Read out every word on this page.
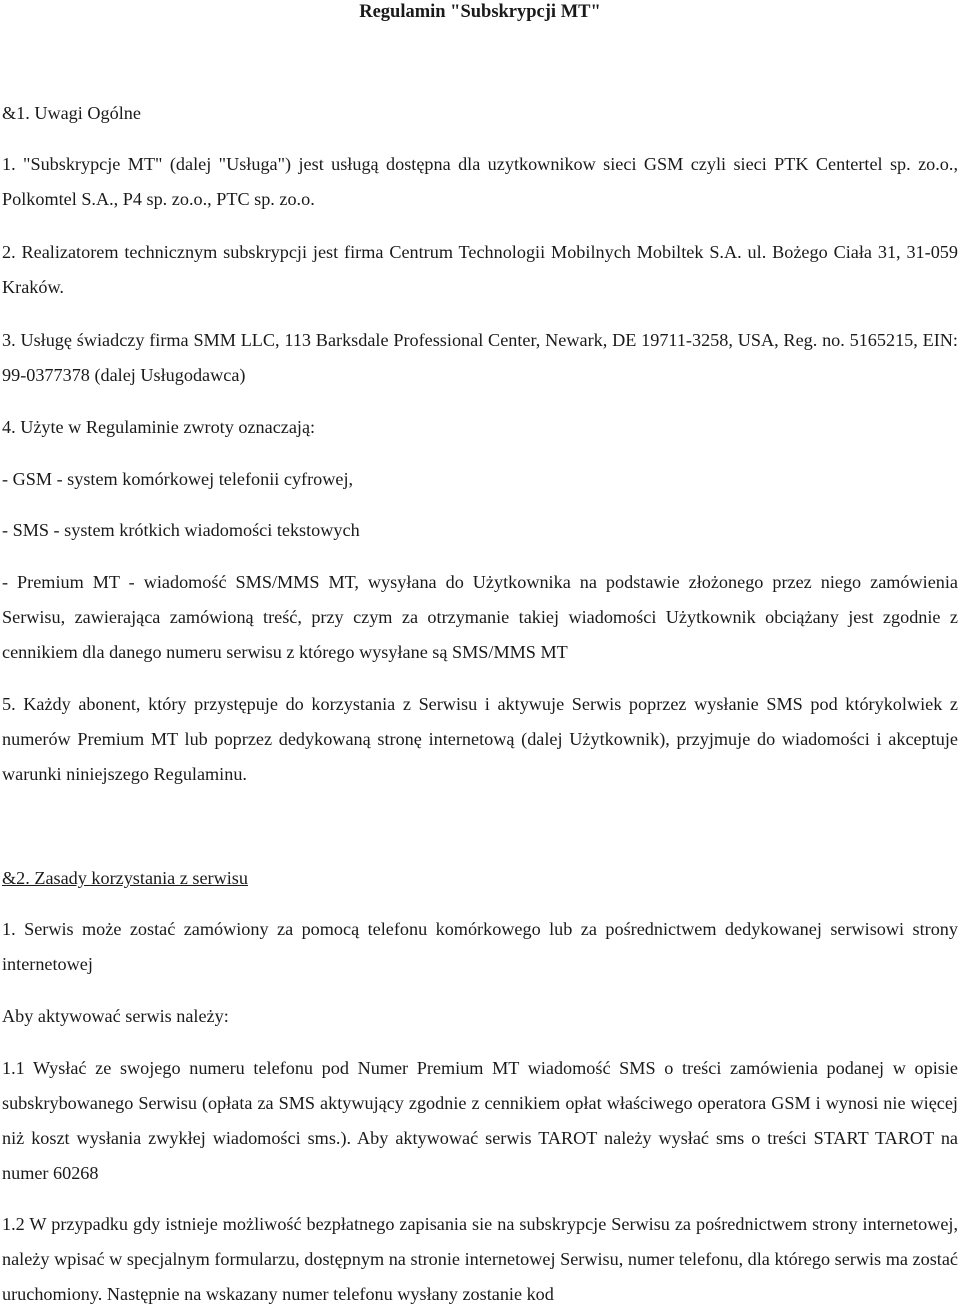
Regulamin "Subskrypcji MT"

&1. Uwagi Ogólne

1. "Subskrypcje MT" (dalej "Usługa") jest usługą dostępna dla uzytkownikow sieci GSM czyli sieci PTK Centertel sp. zo.o., Polkomtel S.A., P4 sp. zo.o., PTC sp. zo.o.

2. Realizatorem technicznym subskrypcji jest firma Centrum Technologii Mobilnych Mobiltek S.A. ul. Bożego Ciała 31, 31-059 Kraków.

3. Usługę świadczy firma SMM LLC, 113 Barksdale Professional Center, Newark, DE 19711-3258, USA, Reg. no. 5165215, EIN: 99-0377378 (dalej Usługodawca)

4. Użyte w Regulaminie zwroty oznaczają:

- GSM - system komórkowej telefonii cyfrowej,

- SMS - system krótkich wiadomości tekstowych

- Premium MT - wiadomość SMS/MMS MT, wysyłana do Użytkownika na podstawie złożonego przez niego zamówienia Serwisu, zawierająca zamówioną treść, przy czym za otrzymanie takiej wiadomości Użytkownik obciążany jest zgodnie z cennikiem dla danego numeru serwisu z którego wysyłane są SMS/MMS MT

5. Każdy abonent, który przystępuje do korzystania z Serwisu i aktywuje Serwis poprzez wysłanie SMS pod którykolwiek z numerów Premium MT lub poprzez dedykowaną stronę internetową (dalej Użytkownik), przyjmuje do wiadomości i akceptuje warunki niniejszego Regulaminu.

&2. Zasady korzystania z serwisu

1. Serwis może zostać zamówiony za pomocą telefonu komórkowego lub za pośrednictwem dedykowanej serwisowi strony internetowej

Aby aktywować serwis należy:

1.1 Wysłać ze swojego numeru telefonu pod Numer Premium MT wiadomość SMS o treści zamówienia podanej w opisie subskrybowanego Serwisu (opłata za SMS aktywujący zgodnie z cennikiem opłat właściwego operatora GSM i wynosi nie więcej niż koszt wysłania zwykłej wiadomości sms.). Aby aktywować serwis TAROT należy wysłać sms o treści START TAROT na numer 60268

1.2 W przypadku gdy istnieje możliwość bezpłatnego zapisania sie na subskrypcje Serwisu za pośrednictwem strony internetowej, należy wpisać w specjalnym formularzu, dostępnym na stronie internetowej Serwisu, numer telefonu, dla którego serwis ma zostać uruchomiony. Następnie na wskazany numer telefonu wysłany zostanie kod
